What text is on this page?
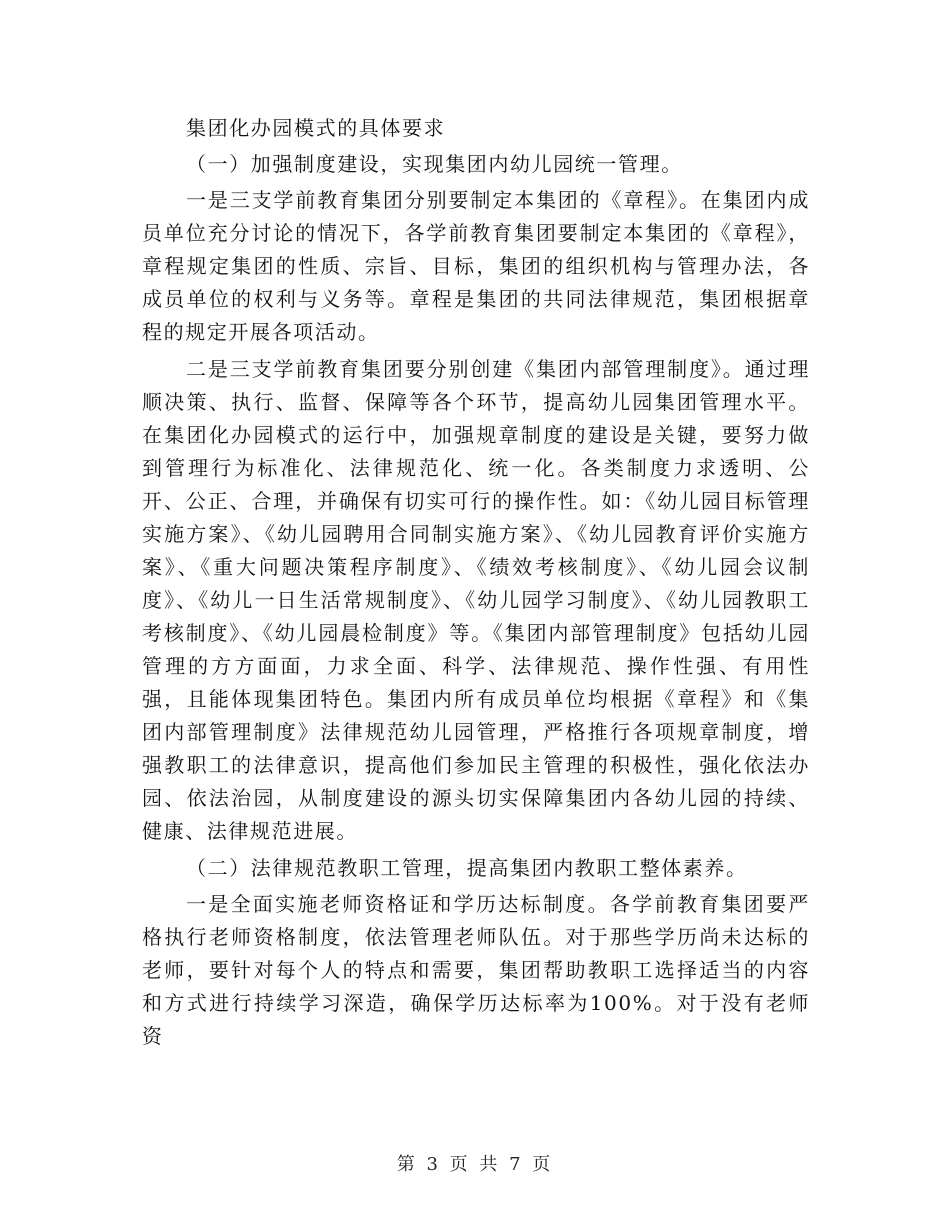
集团化办园模式的具体要求

（一）加强制度建设，实现集团内幼儿园统一管理。

一是三支学前教育集团分别要制定本集团的《章程》。在集团内成员单位充分讨论的情况下，各学前教育集团要制定本集团的《章程》，章程规定集团的性质、宗旨、目标，集团的组织机构与管理办法，各成员单位的权利与义务等。章程是集团的共同法律规范，集团根据章程的规定开展各项活动。

二是三支学前教育集团要分别创建《集团内部管理制度》。通过理顺决策、执行、监督、保障等各个环节，提高幼儿园集团管理水平。在集团化办园模式的运行中，加强规章制度的建设是关键，要努力做到管理行为标准化、法律规范化、统一化。各类制度力求透明、公开、公正、合理，并确保有切实可行的操作性。如：《幼儿园目标管理实施方案》、《幼儿园聘用合同制实施方案》、《幼儿园教育评价实施方案》、《重大问题决策程序制度》、《绩效考核制度》、《幼儿园会议制度》、《幼儿一日生活常规制度》、《幼儿园学习制度》、《幼儿园教职工考核制度》、《幼儿园晨检制度》等。《集团内部管理制度》包括幼儿园管理的方方面面，力求全面、科学、法律规范、操作性强、有用性强，且能体现集团特色。集团内所有成员单位均根据《章程》和《集团内部管理制度》法律规范幼儿园管理，严格推行各项规章制度，增强教职工的法律意识，提高他们参加民主管理的积极性，强化依法办园、依法治园，从制度建设的源头切实保障集团内各幼儿园的持续、健康、法律规范进展。

（二）法律规范教职工管理，提高集团内教职工整体素养。

一是全面实施老师资格证和学历达标制度。各学前教育集团要严格执行老师资格制度，依法管理老师队伍。对于那些学历尚未达标的老师，要针对每个人的特点和需要，集团帮助教职工选择适当的内容和方式进行持续学习深造，确保学历达标率为100%。对于没有老师资

第 3 页 共 7 页
